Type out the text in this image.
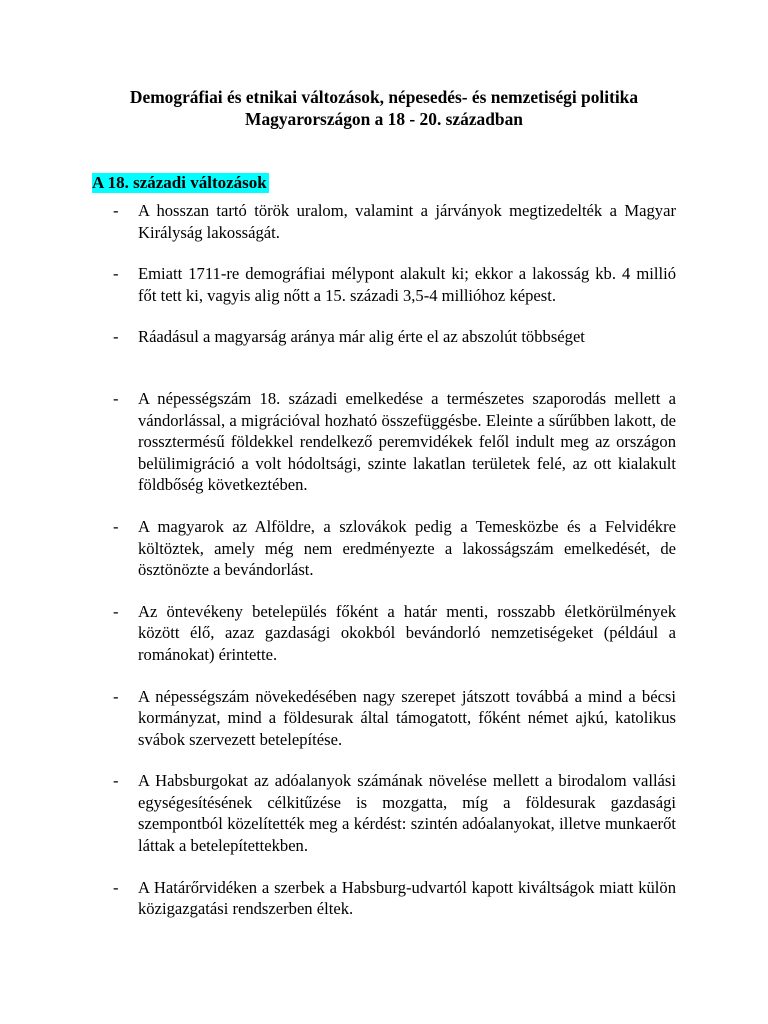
Demográfiai és etnikai változások, népesedés- és nemzetiségi politika
Magyarországon a 18 - 20. században
A 18. századi változások
- A hosszan tartó török uralom, valamint a járványok megtizedelték a Magyar Királyság lakosságát.
- Emiatt 1711-re demográfiai mélypont alakult ki; ekkor a lakosság kb. 4 millió főt tett ki, vagyis alig nőtt a 15. századi 3,5-4 millióhoz képest.
- Ráadásul a magyarság aránya már alig érte el az abszolút többséget
- A népességszám 18. századi emelkedése a természetes szaporodás mellett a vándorlással, a migrációval hozható összefüggésbe. Eleinte a sűrűbben lakott, de rossztermésű földekkel rendelkező peremvidékek felől indult meg az országon belülimigráció a volt hódoltsági, szinte lakatlan területek felé, az ott kialakult földbőség következtében.
- A magyarok az Alföldre, a szlovákok pedig a Temesközbe és a Felvidékre költöztek, amely még nem eredményezte a lakosságszám emelkedését, de ösztönözte a bevándorlást.
- Az öntevékeny betelepülés főként a határ menti, rosszabb életkörülmények között élő, azaz gazdasági okokból bevándorló nemzetiségeket (például a románokat) érintette.
- A népességszám növekedésében nagy szerepet játszott továbbá a mind a bécsi kormányzat, mind a földesurak által támogatott, főként német ajkú, katolikus svábok szervezett betelepítése.
- A Habsburgokat az adóalanyok számának növelése mellett a birodalom vallási egységesítésének célkitűzése is mozgatta, míg a földesurak gazdasági szempontból közelítették meg a kérdést: szintén adóalanyokat, illetve munkaerőt láttak a betelepítettekben.
- A Határőrvidéken a szerbek a Habsburg-udvartól kapott kiváltságok miatt külön közigazgatási rendszerben éltek.
